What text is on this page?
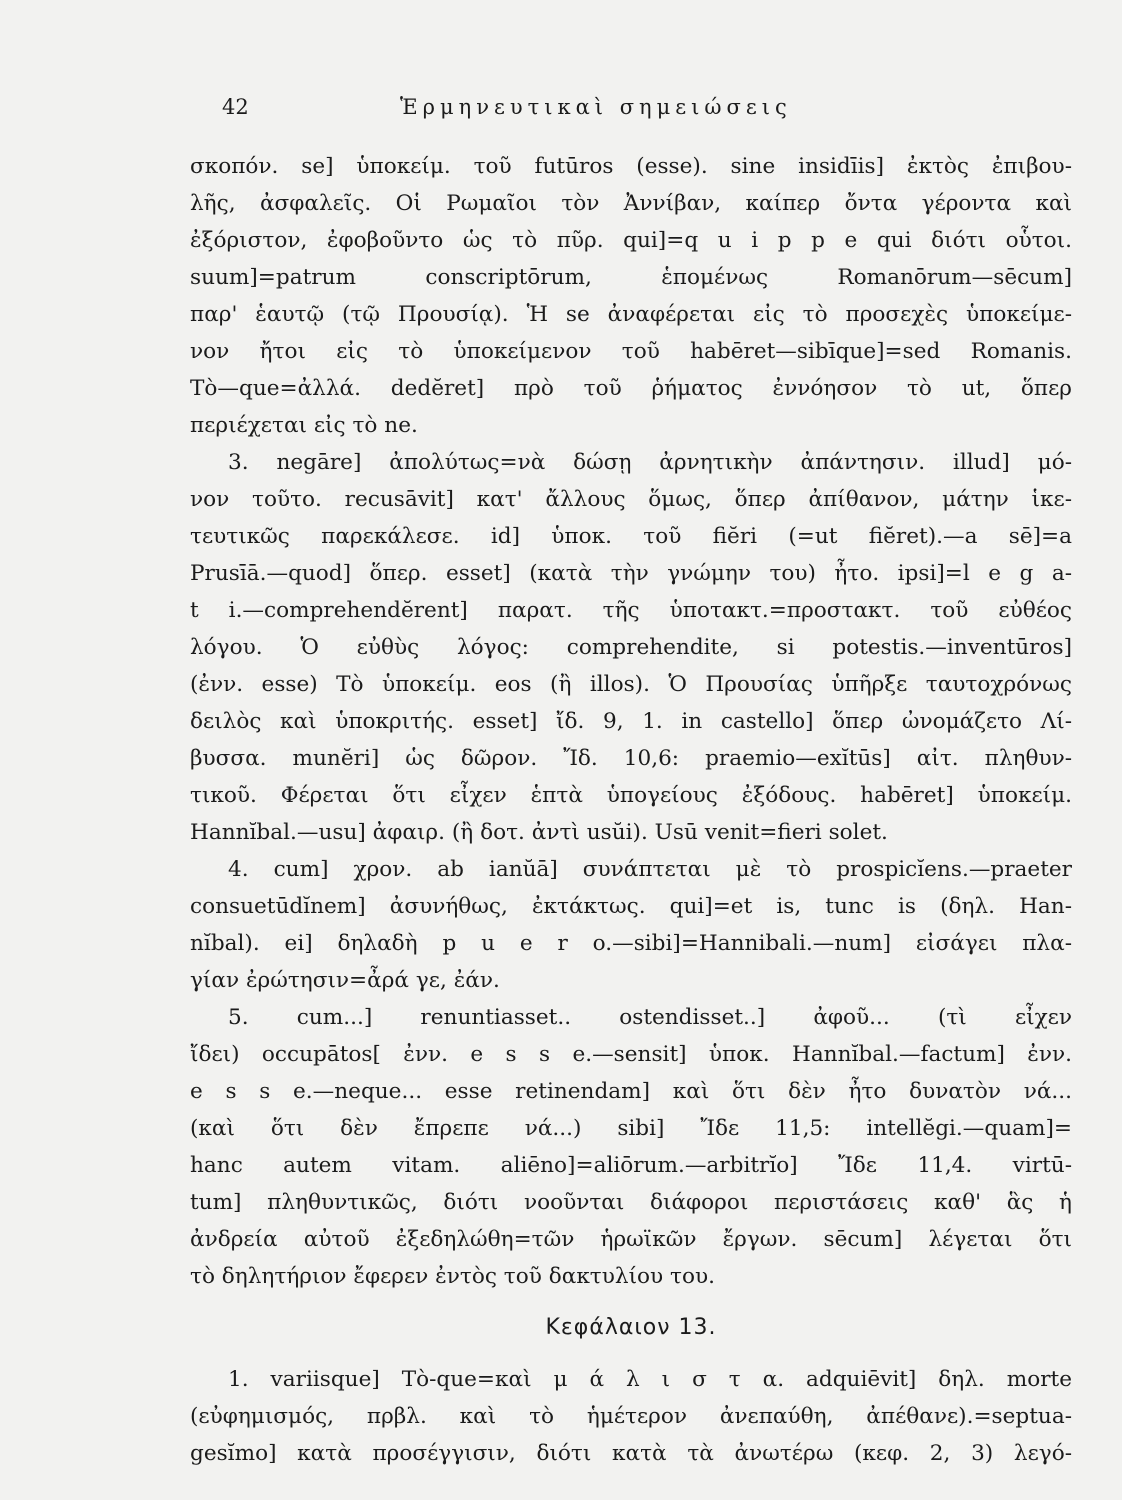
42	Ἑρμηνευτικαὶ σημειώσεις
σκοπόν. se] ὑποκείμ. τοῦ futūros (esse). sine insidīis] ἐκτὸς ἐπιβου-
λῆς, ἀσφαλεῖς. Οἱ Ρωμαῖοι τὸν Ἀννίβαν, καίπερ ὄντα γέροντα καὶ
ἐξόριστον, ἐφοβοῦντο ὡς τὸ πῦρ. qui]=q u i p p e qui διότι οὗτοι.
suum]=patrum conscriptōrum, ἑπομένως Romanōrum—sēcum]
παρ' ἑαυτῷ (τῷ Προυσίᾳ). Ἡ se ἀναφέρεται εἰς τὸ προσεχὲς ὑποκείμε-
νον ἤτοι εἰς τὸ ὑποκείμενον τοῦ habēret—sibīque]=sed Romanis.
Τὸ—que=ἀλλά. dedĕret] πρὸ τοῦ ῥήματος ἐννόησον τὸ ut, ὅπερ
περιέχεται εἰς τὸ ne.
3. negāre] ἀπολύτως=νὰ δώσῃ ἀρνητικὴν ἀπάντησιν. illud] μό-
νον τοῦτο. recusāvit] κατ' ἄλλους ὅμως, ὅπερ ἀπίθανον, μάτην ἱκε-
τευτικῶς παρεκάλεσε. id] ὑποκ. τοῦ fiĕri (=ut fiĕret).—a sē]=a
Prusīā.—quod] ὅπερ. esset] (κατὰ τὴν γνώμην του) ἦτο. ipsi]=l e g a-
t i.—comprehendĕrent] παρατ. τῆς ὑποτακτ.=προστακτ. τοῦ εὐθέος
λόγου. Ὁ εὐθὺς λόγος: comprehendite, si potestis.—inventūros]
(ἐνν. esse) Τὸ ὑποκείμ. eos (ἢ illos). Ὁ Προυσίας ὑπῆρξε ταυτοχρόνως
δειλὸς καὶ ὑποκριτής. esset] ἴδ. 9, 1. in castello] ὅπερ ὠνομάζετο Λί-
βυσσα. munĕri] ὡς δῶρον. Ἴδ. 10,6: praemio—exĭtūs] αἰτ. πληθυν-
τικοῦ. Φέρεται ὅτι εἶχεν ἑπτὰ ὑπογείους ἐξόδους. habēret] ὑποκείμ.
Hannĭbal.—usu] ἀφαιρ. (ἢ δοτ. ἀντὶ usŭi). Usū venit=fieri solet.
4. cum] χρον. ab ianŭā] συνάπτεται μὲ τὸ prospicĭens.—praeter
consuetūdĭnem] ἀσυνήθως, ἐκτάκτως. qui]=et is, tunc is (δηλ. Han-
nĭbal). ei] δηλαδὴ p u e r o.—sibi]=Hannibali.—num] εἰσάγει πλα-
γίαν ἐρώτησιν=ἆρά γε, ἐάν.
5. cum...] renuntiasset.. ostendisset..] ἀφοῦ... (τὶ εἶχεν
ἴδει) occupātos[ ἐνν. e s s e.—sensit] ὑποκ. Hannĭbal.—factum] ἐνν.
e s s e.—neque... esse retinendam] καὶ ὅτι δὲν ἦτο δυνατὸν νά...
(καὶ ὅτι δὲν ἔπρεπε νά...) sibi] Ἴδε 11,5: intellĕgi.—quam]=
hanc autem vitam. aliēno]=aliōrum.—arbitrĭo] Ἴδε 11,4. virtū-
tum] πληθυντικῶς, διότι νοοῦνται διάφοροι περιστάσεις καθ' ἃς ἡ
ἀνδρεία αὐτοῦ ἐξεδηλώθη=τῶν ἡρωϊκῶν ἔργων. sēcum] λέγεται ὅτι
τὸ δηλητήριον ἔφερεν ἐντὸς τοῦ δακτυλίου του.
Κεφάλαιον 13.
1. variisque] Τὸ-que=καὶ μ ά λ ι σ τ α. adquiēvit] δηλ. morte
(εὐφημισμός, πρβλ. καὶ τὸ ἡμέτερον ἀνεπαύθη, ἀπέθανε).=septua-
gesĭmo] κατὰ προσέγγισιν, διότι κατὰ τὰ ἀνωτέρω (κεφ. 2, 3) λεγό-
